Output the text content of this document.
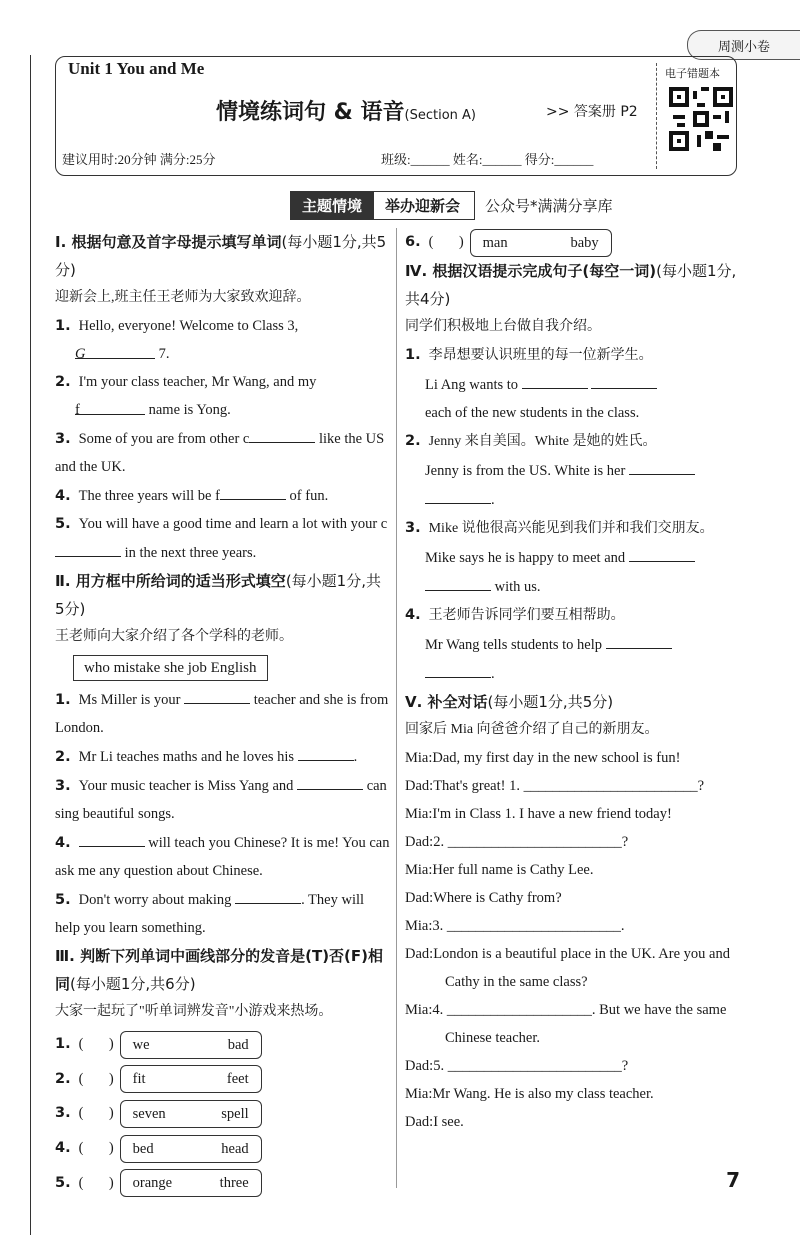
周测小卷
Unit 1 You and Me
情境练词句 & 语音(Section A)	>> 答案册 P2
建议用时:20分钟 满分:25分	班级:______ 姓名:______ 得分:______
电子错题本
主题情境	举办迎新会	公众号*满满分享库
Ⅰ. 根据句意及首字母提示填写单词(每小题1分,共5分)
迎新会上,班主任王老师为大家致欢迎辞。
1. Hello, everyone! Welcome to Class 3,
G	7.
2. I'm your class teacher, Mr Wang, and my
f	name is Yong.
3. Some of you are from other c	like the US and the UK.
4. The three years will be f	of fun.
5. You will have a good time and learn a lot with your c in the next three years.
Ⅱ. 用方框中所给词的适当形式填空(每小题1分,共5分)
王老师向大家介绍了各个学科的老师。
who mistake she job English
1. Ms Miller is your	teacher and she is from London.
2. Mr Li teaches maths and he loves his	.
3. Your music teacher is Miss Yang and	can sing beautiful songs.
4.	will teach you Chinese? It is me! You can ask me any question about Chinese.
5. Don't worry about making	. They will help you learn something.
Ⅲ. 判断下列单词中画线部分的发音是(T)否(F)相同(每小题1分,共6分)
大家一起玩了"听单词辨发音"小游戏来热场。
1. (       ) we	bad
2. (       ) fit	feet
3. (       ) seven	spell
4. (       ) bed	head
5. (       ) orange	three
6. (       ) man	baby
Ⅳ. 根据汉语提示完成句子(每空一词)(每小题1分,共4分)
同学们积极地上台做自我介绍。
1. 李昂想要认识班里的每一位新学生。
Li Ang wants to
each of the new students in the class.
2. Jenny 来自美国。White 是她的姓氏。
Jenny is from the US. White is her
.
3. Mike 说他很高兴能见到我们并和我们交朋友。
Mike says he is happy to meet and
with us.
4. 王老师告诉同学们要互相帮助。
Mr Wang tells students to help
.
Ⅴ. 补全对话(每小题1分,共5分)
回家后 Mia 向爸爸介绍了自己的新朋友。
Mia:Dad, my first day in the new school is fun!
Dad:That's great! 1. ________________________?
Mia:I'm in Class 1. I have a new friend today!
Dad:2. ________________________?
Mia:Her full name is Cathy Lee.
Dad:Where is Cathy from?
Mia:3. ________________________.
Dad:London is a beautiful place in the UK. Are you and Cathy in the same class?
Mia:4. ____________________. But we have the same Chinese teacher.
Dad:5. ________________________?
Mia:Mr Wang. He is also my class teacher.
Dad:I see.
7
